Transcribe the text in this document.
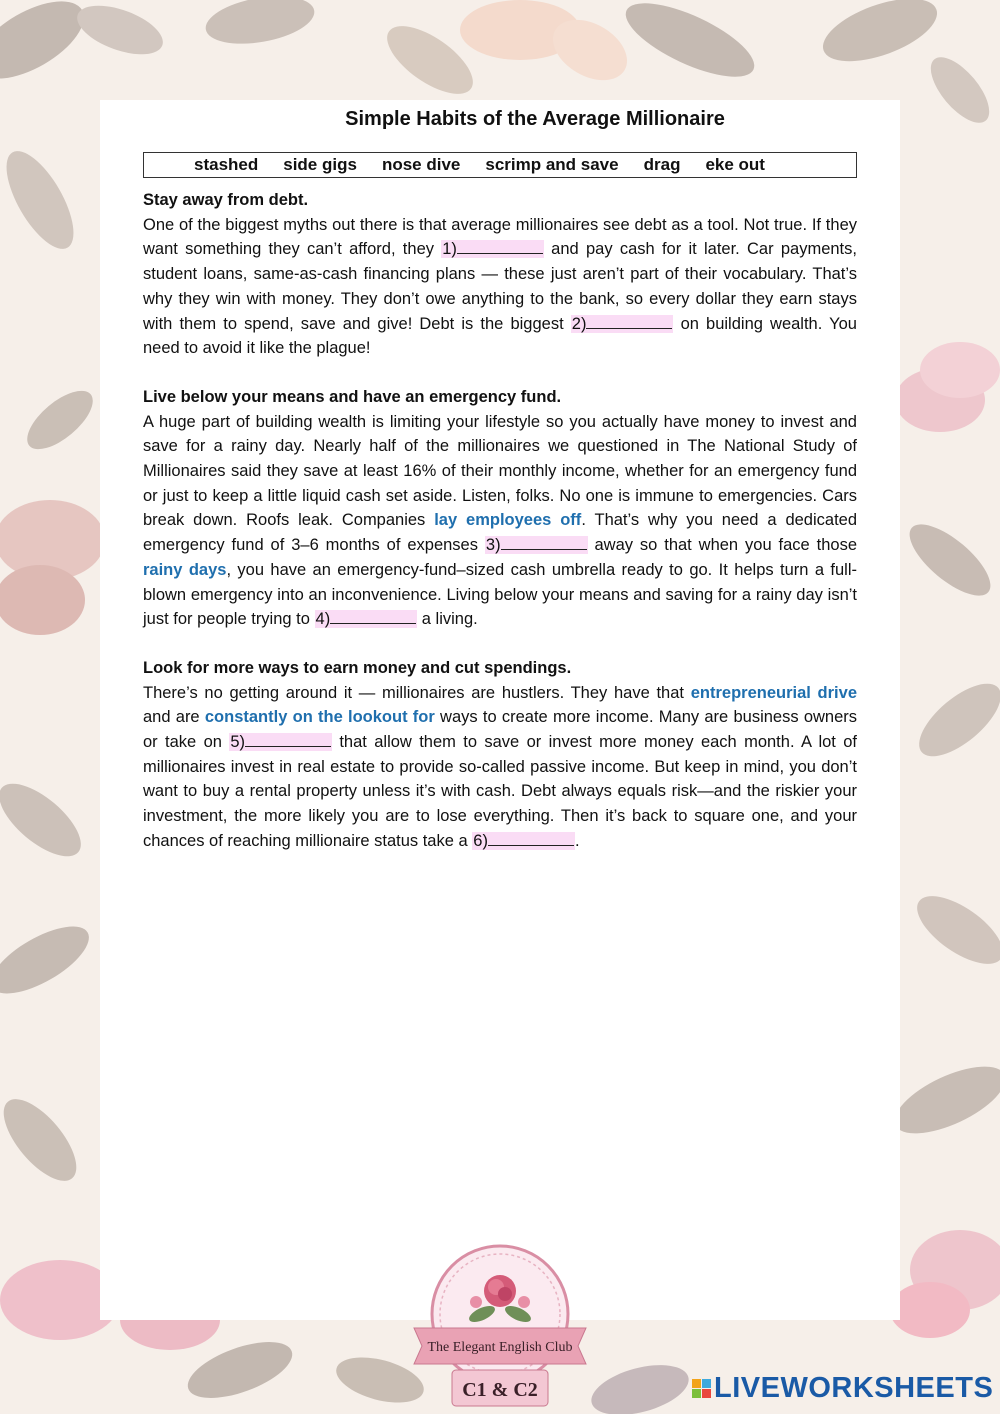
Simple Habits of the Average Millionaire
stashed side gigs nose dive scrimp and save drag eke out
Stay away from debt.

One of the biggest myths out there is that average millionaires see debt as a tool. Not true. If they want something they can’t afford, they 1)	and pay cash for it later. Car payments, student loans, same-as-cash financing plans — these just aren’t part of their vocabulary. That’s why they win with money. They don’t owe anything to the bank, so every dollar they earn stays with them to spend, save and give! Debt is the biggest 2)	on building wealth. You need to avoid it like the plague!

Live below your means and have an emergency fund.

A huge part of building wealth is limiting your lifestyle so you actually have money to invest and save for a rainy day. Nearly half of the millionaires we questioned in The National Study of Millionaires said they save at least 16% of their monthly income, whether for an emergency fund or just to keep a little liquid cash set aside. Listen, folks. No one is immune to emergencies. Cars break down. Roofs leak. Companies lay employees off. That’s why you need a dedicated emergency fund of 3–6 months of expenses 3)	away so that when you face those rainy days, you have an emergency-fund–sized cash umbrella ready to go. It helps turn a full-blown emergency into an inconvenience. Living below your means and saving for a rainy day isn’t just for people trying to 4)	a living.

Look for more ways to earn money and cut spendings.

There’s no getting around it — millionaires are hustlers. They have that entrepreneurial drive and are constantly on the lookout for ways to create more income. Many are business owners or take on 5)	that allow them to save or invest more money each month. A lot of millionaires invest in real estate to provide so-called passive income. But keep in mind, you don’t want to buy a rental property unless it’s with cash. Debt always equals risk—and the riskier your investment, the more likely you are to lose everything. Then it’s back to square one, and your chances of reaching millionaire status take a 6)	.

The Elegant English Club
C1 & C2	LIVEWORKSHEETS
